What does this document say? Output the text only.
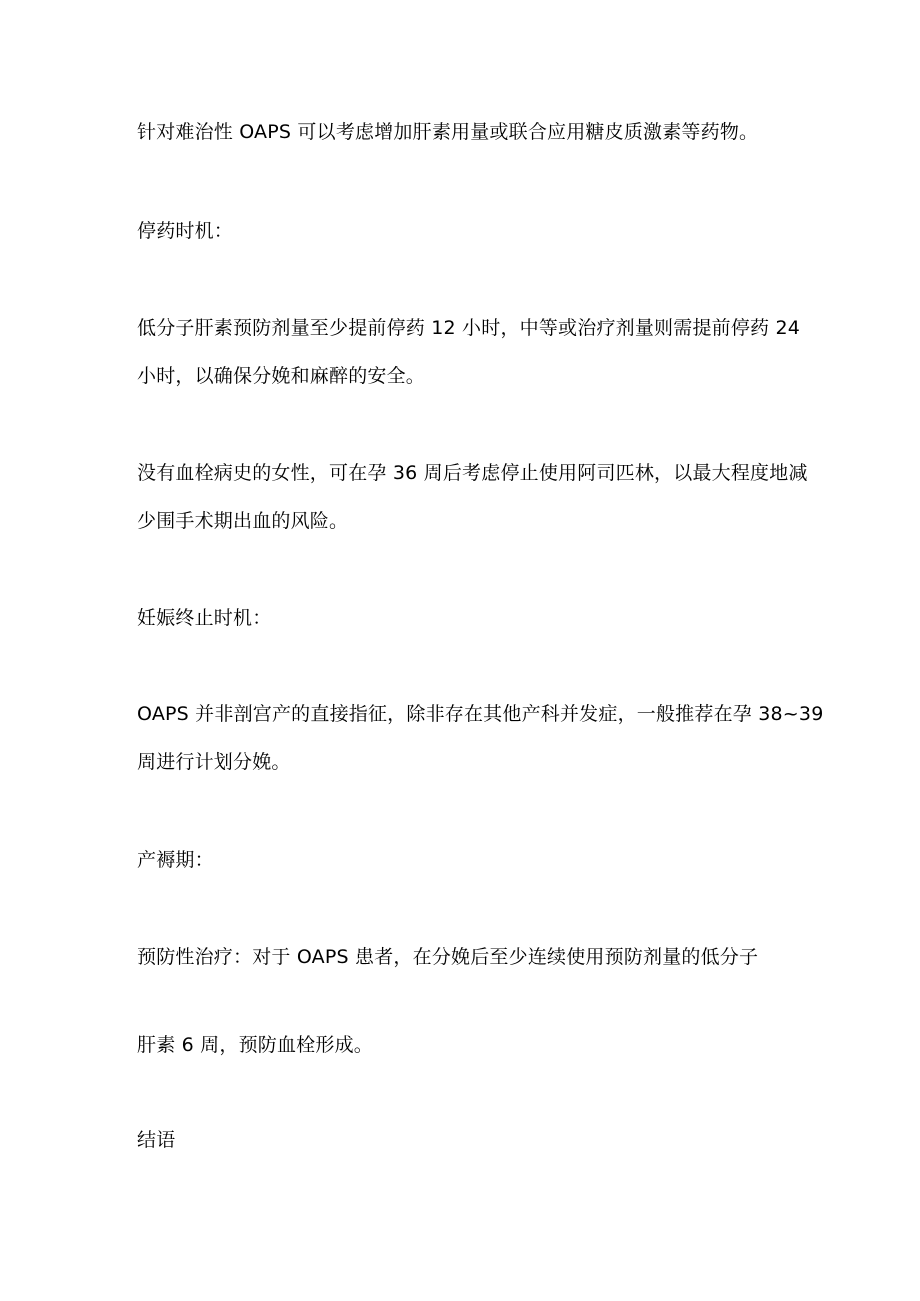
针对难治性 OAPS 可以考虑增加肝素用量或联合应用糖皮质激素等药物。

停药时机：

低分子肝素预防剂量至少提前停药 12 小时，中等或治疗剂量则需提前停药 24

小时，以确保分娩和麻醉的安全。

没有血栓病史的女性，可在孕 36 周后考虑停止使用阿司匹林，以最大程度地减

少围手术期出血的风险。

妊娠终止时机：

OAPS 并非剖宫产的直接指征，除非存在其他产科并发症，一般推荐在孕 38~39

周进行计划分娩。

产褥期：

预防性治疗：对于 OAPS 患者，在分娩后至少连续使用预防剂量的低分子

肝素 6 周，预防血栓形成。

结语
